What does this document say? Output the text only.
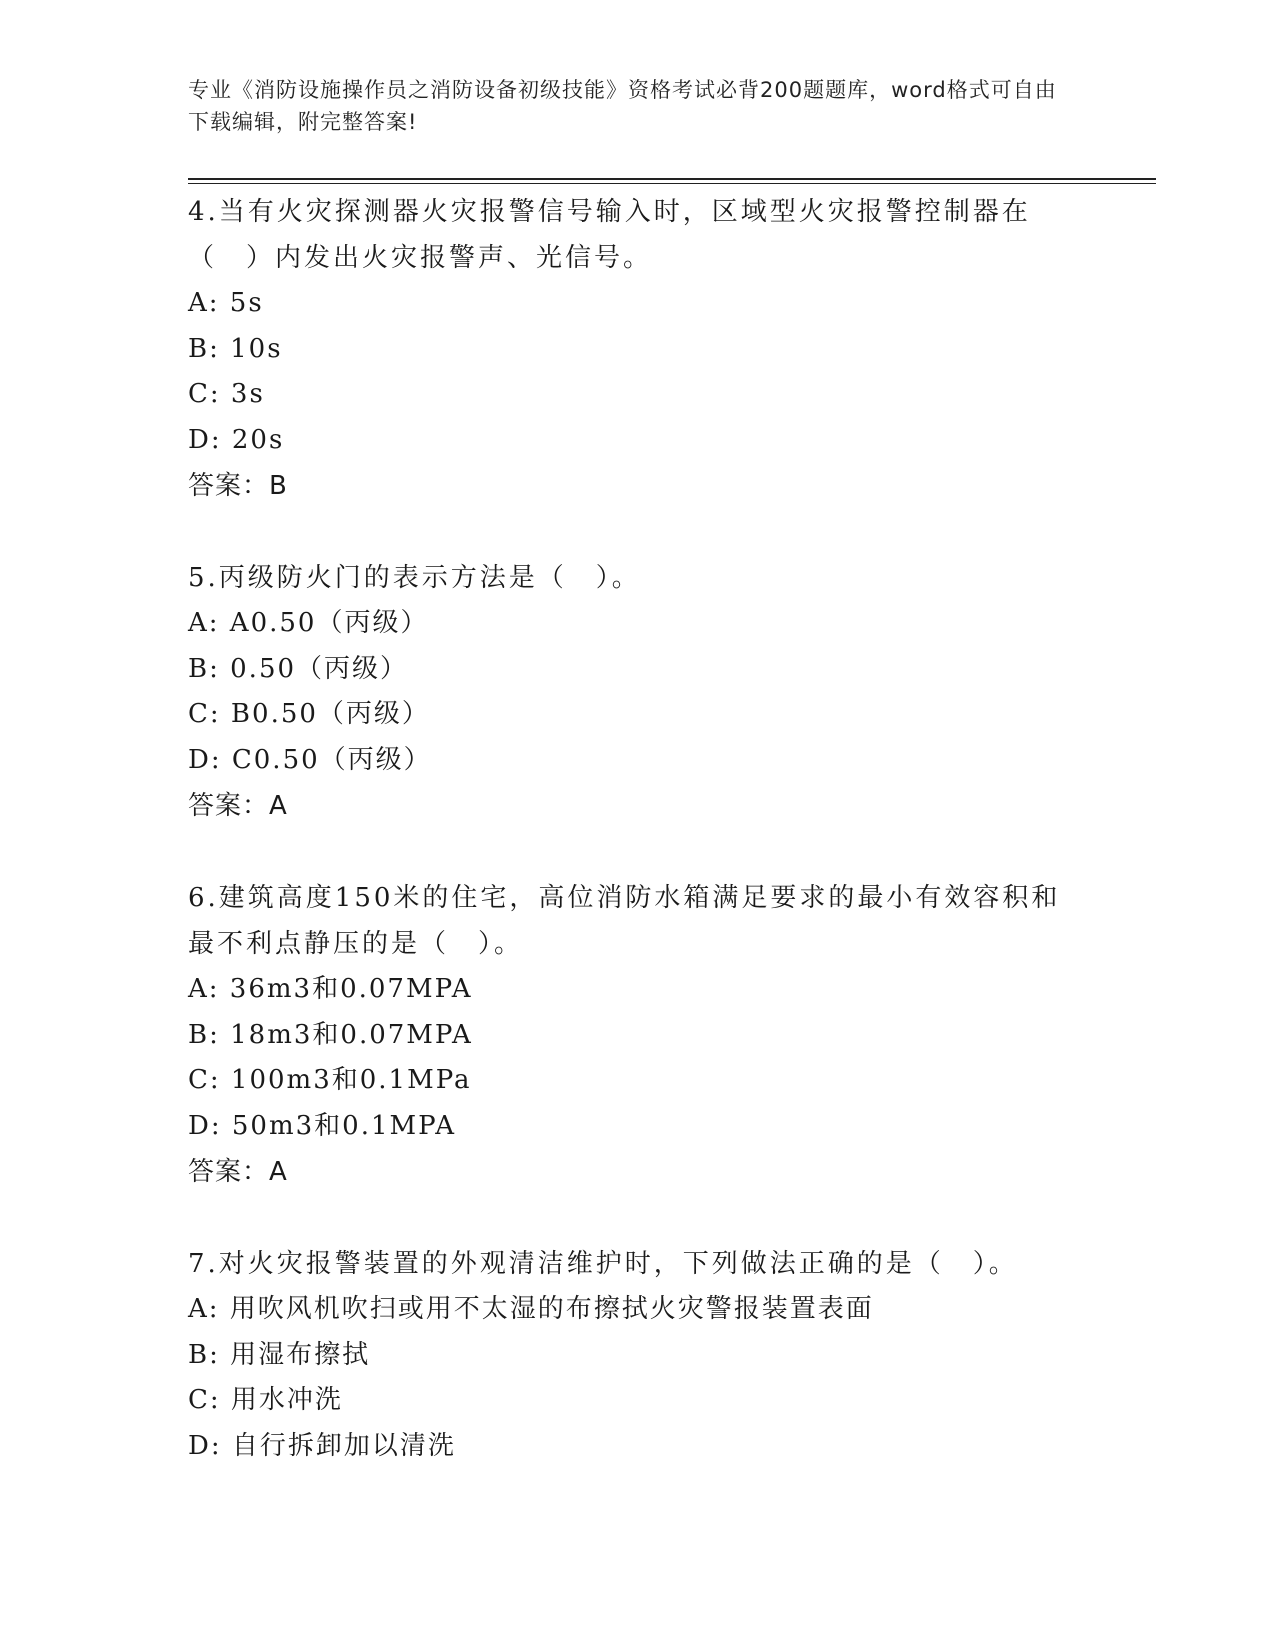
专业《消防设施操作员之消防设备初级技能》资格考试必背200题题库，word格式可自由下载编辑，附完整答案!

4.当有火灾探测器火灾报警信号输入时，区域型火灾报警控制器在（　）内发出火灾报警声、光信号。

A: 5s

B: 10s

C: 3s

D: 20s

答案：B

5.丙级防火门的表示方法是（　）。

A: A0.50（丙级）

B: 0.50（丙级）

C: B0.50（丙级）

D: C0.50（丙级）

答案：A

6.建筑高度150米的住宅，高位消防水箱满足要求的最小有效容积和最不利点静压的是（　）。

A: 36m3和0.07MPA

B: 18m3和0.07MPA

C: 100m3和0.1MPa

D: 50m3和0.1MPA

答案：A

7.对火灾报警装置的外观清洁维护时，下列做法正确的是（　）。

A: 用吹风机吹扫或用不太湿的布擦拭火灾警报装置表面

B: 用湿布擦拭

C: 用水冲洗

D: 自行拆卸加以清洗
